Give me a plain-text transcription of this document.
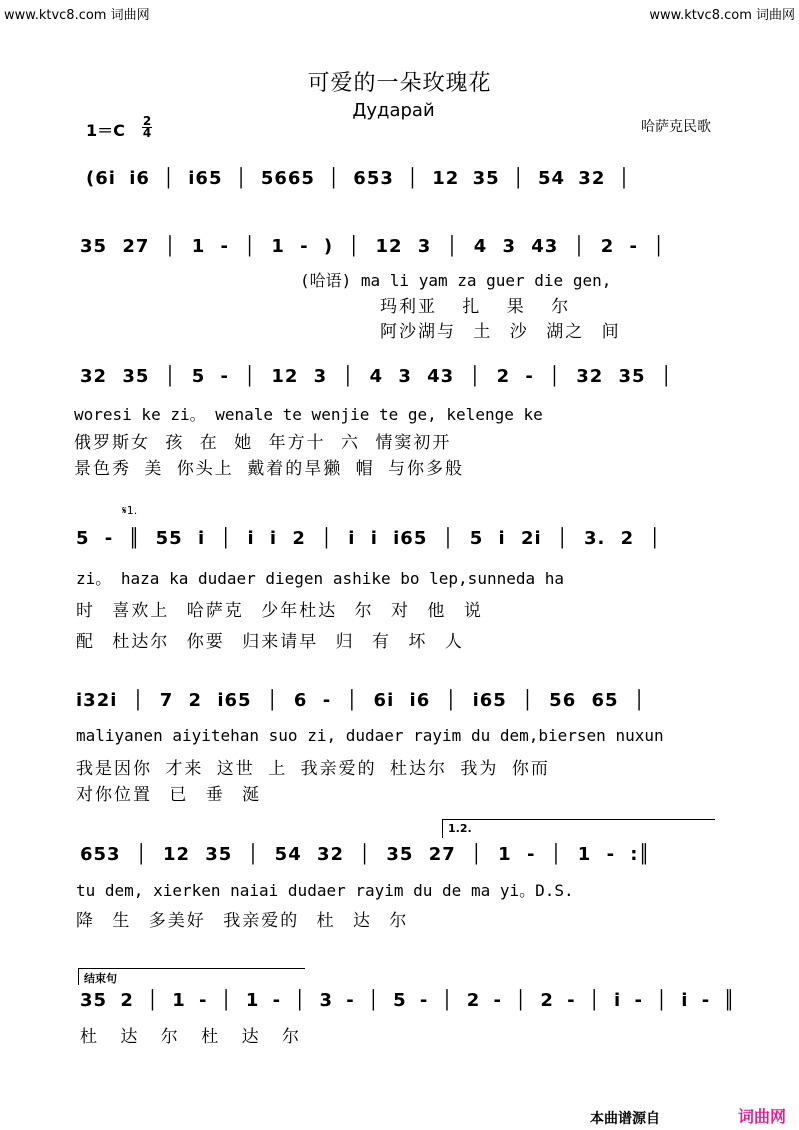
www.ktvc8.com 词曲网	www.ktvc8.com 词曲网
可爱的一朵玫瑰花
Дударай
1＝C 2
4	哈萨克民歌
(6i i6 │ i65 │ 5665 │ 653 │ 12 35 │ 54 32 │
35 27 │ 1 - │ 1 - ) │ 12 3 │ 4 3 43 │ 2 - │
(哈语) ma li yam za guer die gen,
玛利亚 扎 果 尔
阿沙湖与 土 沙 湖之 间
32 35 │ 5 - │ 12 3 │ 4 3 43 │ 2 - │ 32 35 │
woresi ke zi。 wenale te wenjie te ge, kelenge ke
俄罗斯女 孩 在 她 年方十 六 情窦初开
景色秀 美 你头上 戴着的旱獭 帽 与你多般
𝄋1.
5 - ║ 55 i │ i i 2 │ i i i65 │ 5 i 2i │ 3. 2 │
zi。 haza ka dudaer diegen ashike bo lep,sunneda ha
时 喜欢上 哈萨克 少年杜达 尔 对 他 说
配 杜达尔 你要 归来请早 归 有 坏 人
i32i │ 7 2 i65 │ 6 - │ 6i i6 │ i65 │ 56 65 │
maliyanen aiyitehan suo zi, dudaer rayim du dem,biersen nuxun
我是因你 才来 这世 上 我亲爱的 杜达尔 我为 你而
对你位置 已 垂 涎
1.2.
653 │ 12 35 │ 54 32 │ 35 27 │ 1 - │ 1 - :║
tu dem, xierken naiai dudaer rayim du de ma yi。D.S.
降 生 多美好 我亲爱的 杜 达 尔
结束句
35 2 │ 1 - │ 1 - │ 3 - │ 5 - │ 2 - │ 2 - │ i - │ i - ║
杜 达 尔 杜 达 尔
本曲谱源自	词曲网
